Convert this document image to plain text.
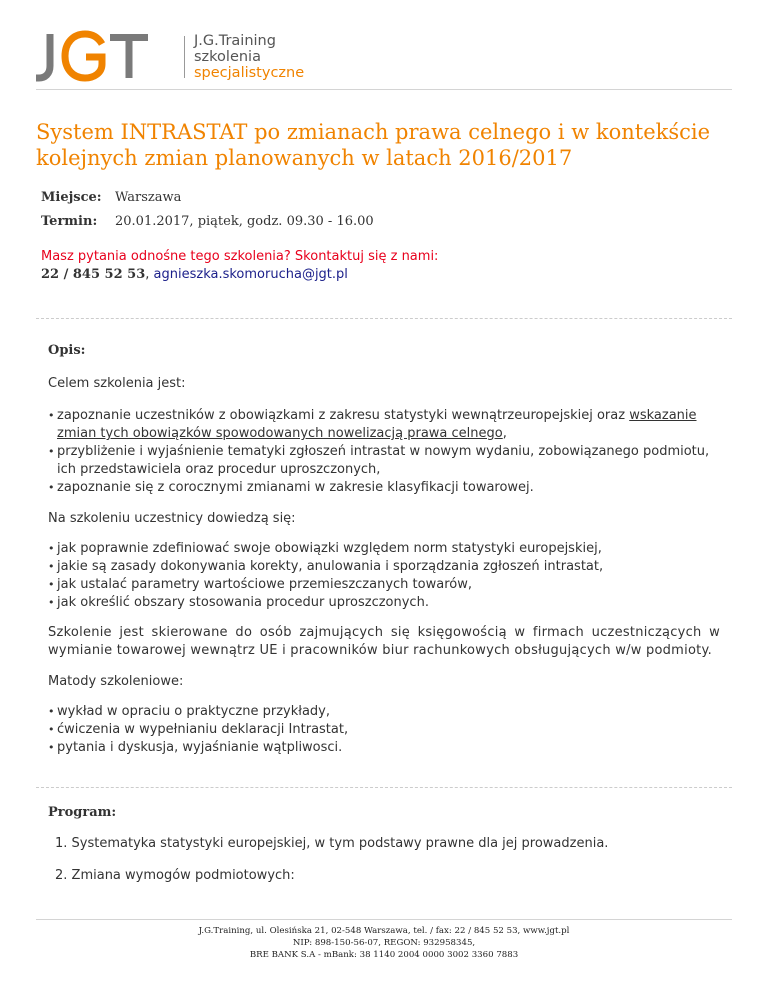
J.G.Training
szkolenia
specjalistyczne
System INTRASTAT po zmianach prawa celnego i w kontekście kolejnych zmian planowanych w latach 2016/2017
Miejsce:	Warszawa
Termin:	20.01.2017, piątek, godz. 09.30 - 16.00
Masz pytania odnośne tego szkolenia? Skontaktuj się z nami:
22 / 845 52 53, agnieszka.skomorucha@jgt.pl
Opis:

Celem szkolenia jest:

• zapoznanie uczestników z obowiązkami z zakresu statystyki wewnątrzeuropejskiej oraz wskazanie zmian tych obowiązków spowodowanych nowelizacją prawa celnego,
• przybliżenie i wyjaśnienie tematyki zgłoszeń intrastat w nowym wydaniu, zobowiązanego podmiotu, ich przedstawiciela oraz procedur uproszczonych,
• zapoznanie się z corocznymi zmianami w zakresie klasyfikacji towarowej.

Na szkoleniu uczestnicy dowiedzą się:

• jak poprawnie zdefiniować swoje obowiązki względem norm statystyki europejskiej,
• jakie są zasady dokonywania korekty, anulowania i sporządzania zgłoszeń intrastat,
• jak ustalać parametry wartościowe przemieszczanych towarów,
• jak określić obszary stosowania procedur uproszczonych.

Szkolenie jest skierowane do osób zajmujących się księgowością w firmach uczestniczących w wymianie towarowej wewnątrz UE i pracowników biur rachunkowych obsługujących w/w podmioty.

Matody szkoleniowe:

• wykład w opraciu o praktyczne przykłady,
• ćwiczenia w wypełnianiu deklaracji Intrastat,
• pytania i dyskusja, wyjaśnianie wątpliwosci.
Program:
1. Systematyka statystyki europejskiej, w tym podstawy prawne dla jej prowadzenia.
2. Zmiana wymogów podmiotowych:
J.G.Training, ul. Olesińska 21, 02-548 Warszawa, tel. / fax: 22 / 845 52 53, www.jgt.pl
NIP: 898-150-56-07, REGON: 932958345,
BRE BANK S.A - mBank: 38 1140 2004 0000 3002 3360 7883
